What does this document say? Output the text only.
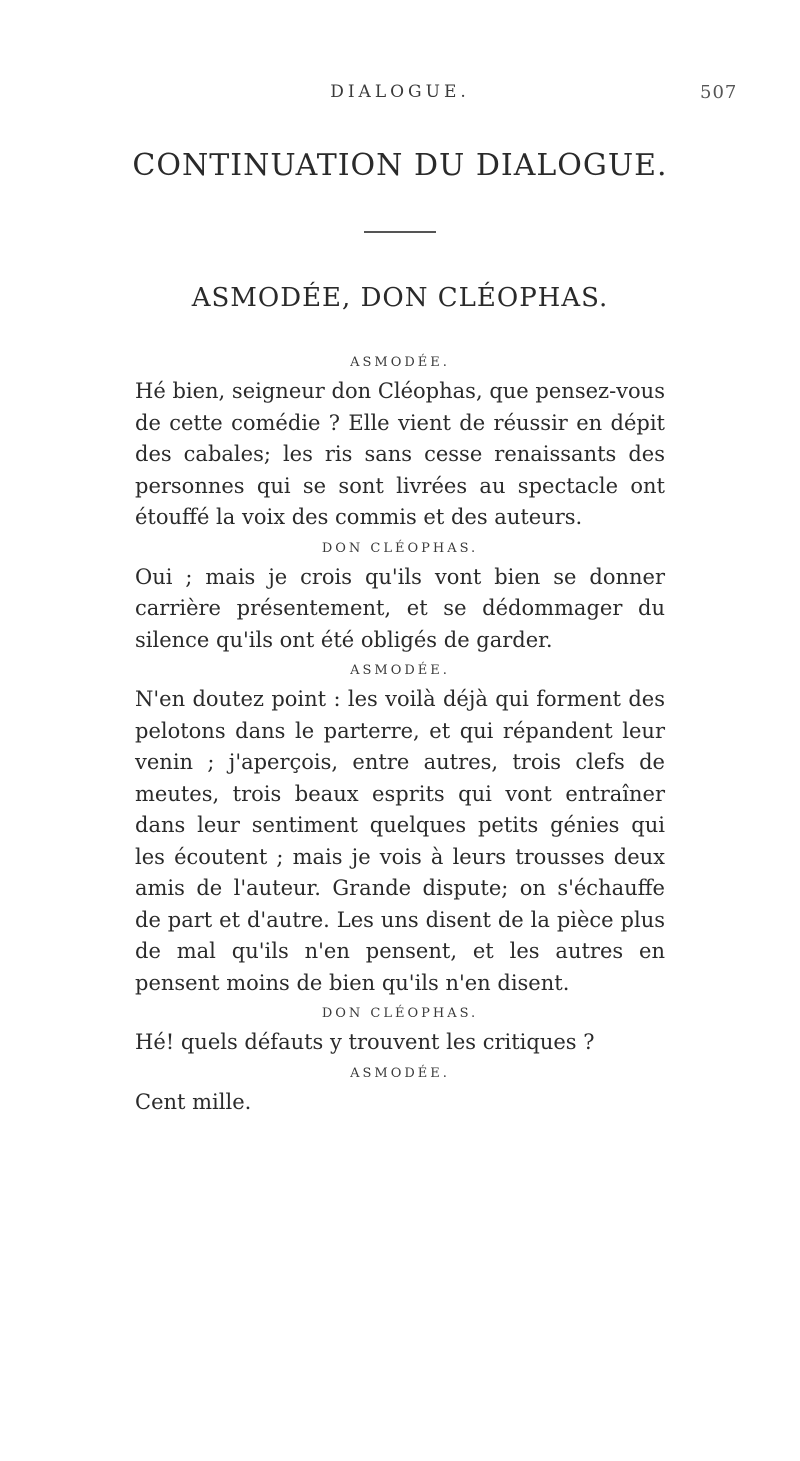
DIALOGUE.	507
CONTINUATION DU DIALOGUE.
ASMODÉE, DON CLÉOPHAS.
ASMODÉE.

Hé bien, seigneur don Cléophas, que pensez-vous de cette comédie ? Elle vient de réussir en dépit des cabales; les ris sans cesse renaissants des personnes qui se sont livrées au spectacle ont étouffé la voix des commis et des auteurs.

DON CLÉOPHAS.

Oui ; mais je crois qu'ils vont bien se donner carrière présentement, et se dédommager du silence qu'ils ont été obligés de garder.

ASMODÉE.

N'en doutez point : les voilà déjà qui forment des pelotons dans le parterre, et qui répandent leur venin ; j'aperçois, entre autres, trois clefs de meutes, trois beaux esprits qui vont entraîner dans leur sentiment quelques petits génies qui les écoutent ; mais je vois à leurs trousses deux amis de l'auteur. Grande dispute; on s'échauffe de part et d'autre. Les uns disent de la pièce plus de mal qu'ils n'en pensent, et les autres en pensent moins de bien qu'ils n'en disent.

DON CLÉOPHAS.

Hé! quels défauts y trouvent les critiques ?

ASMODÉE.

Cent mille.
